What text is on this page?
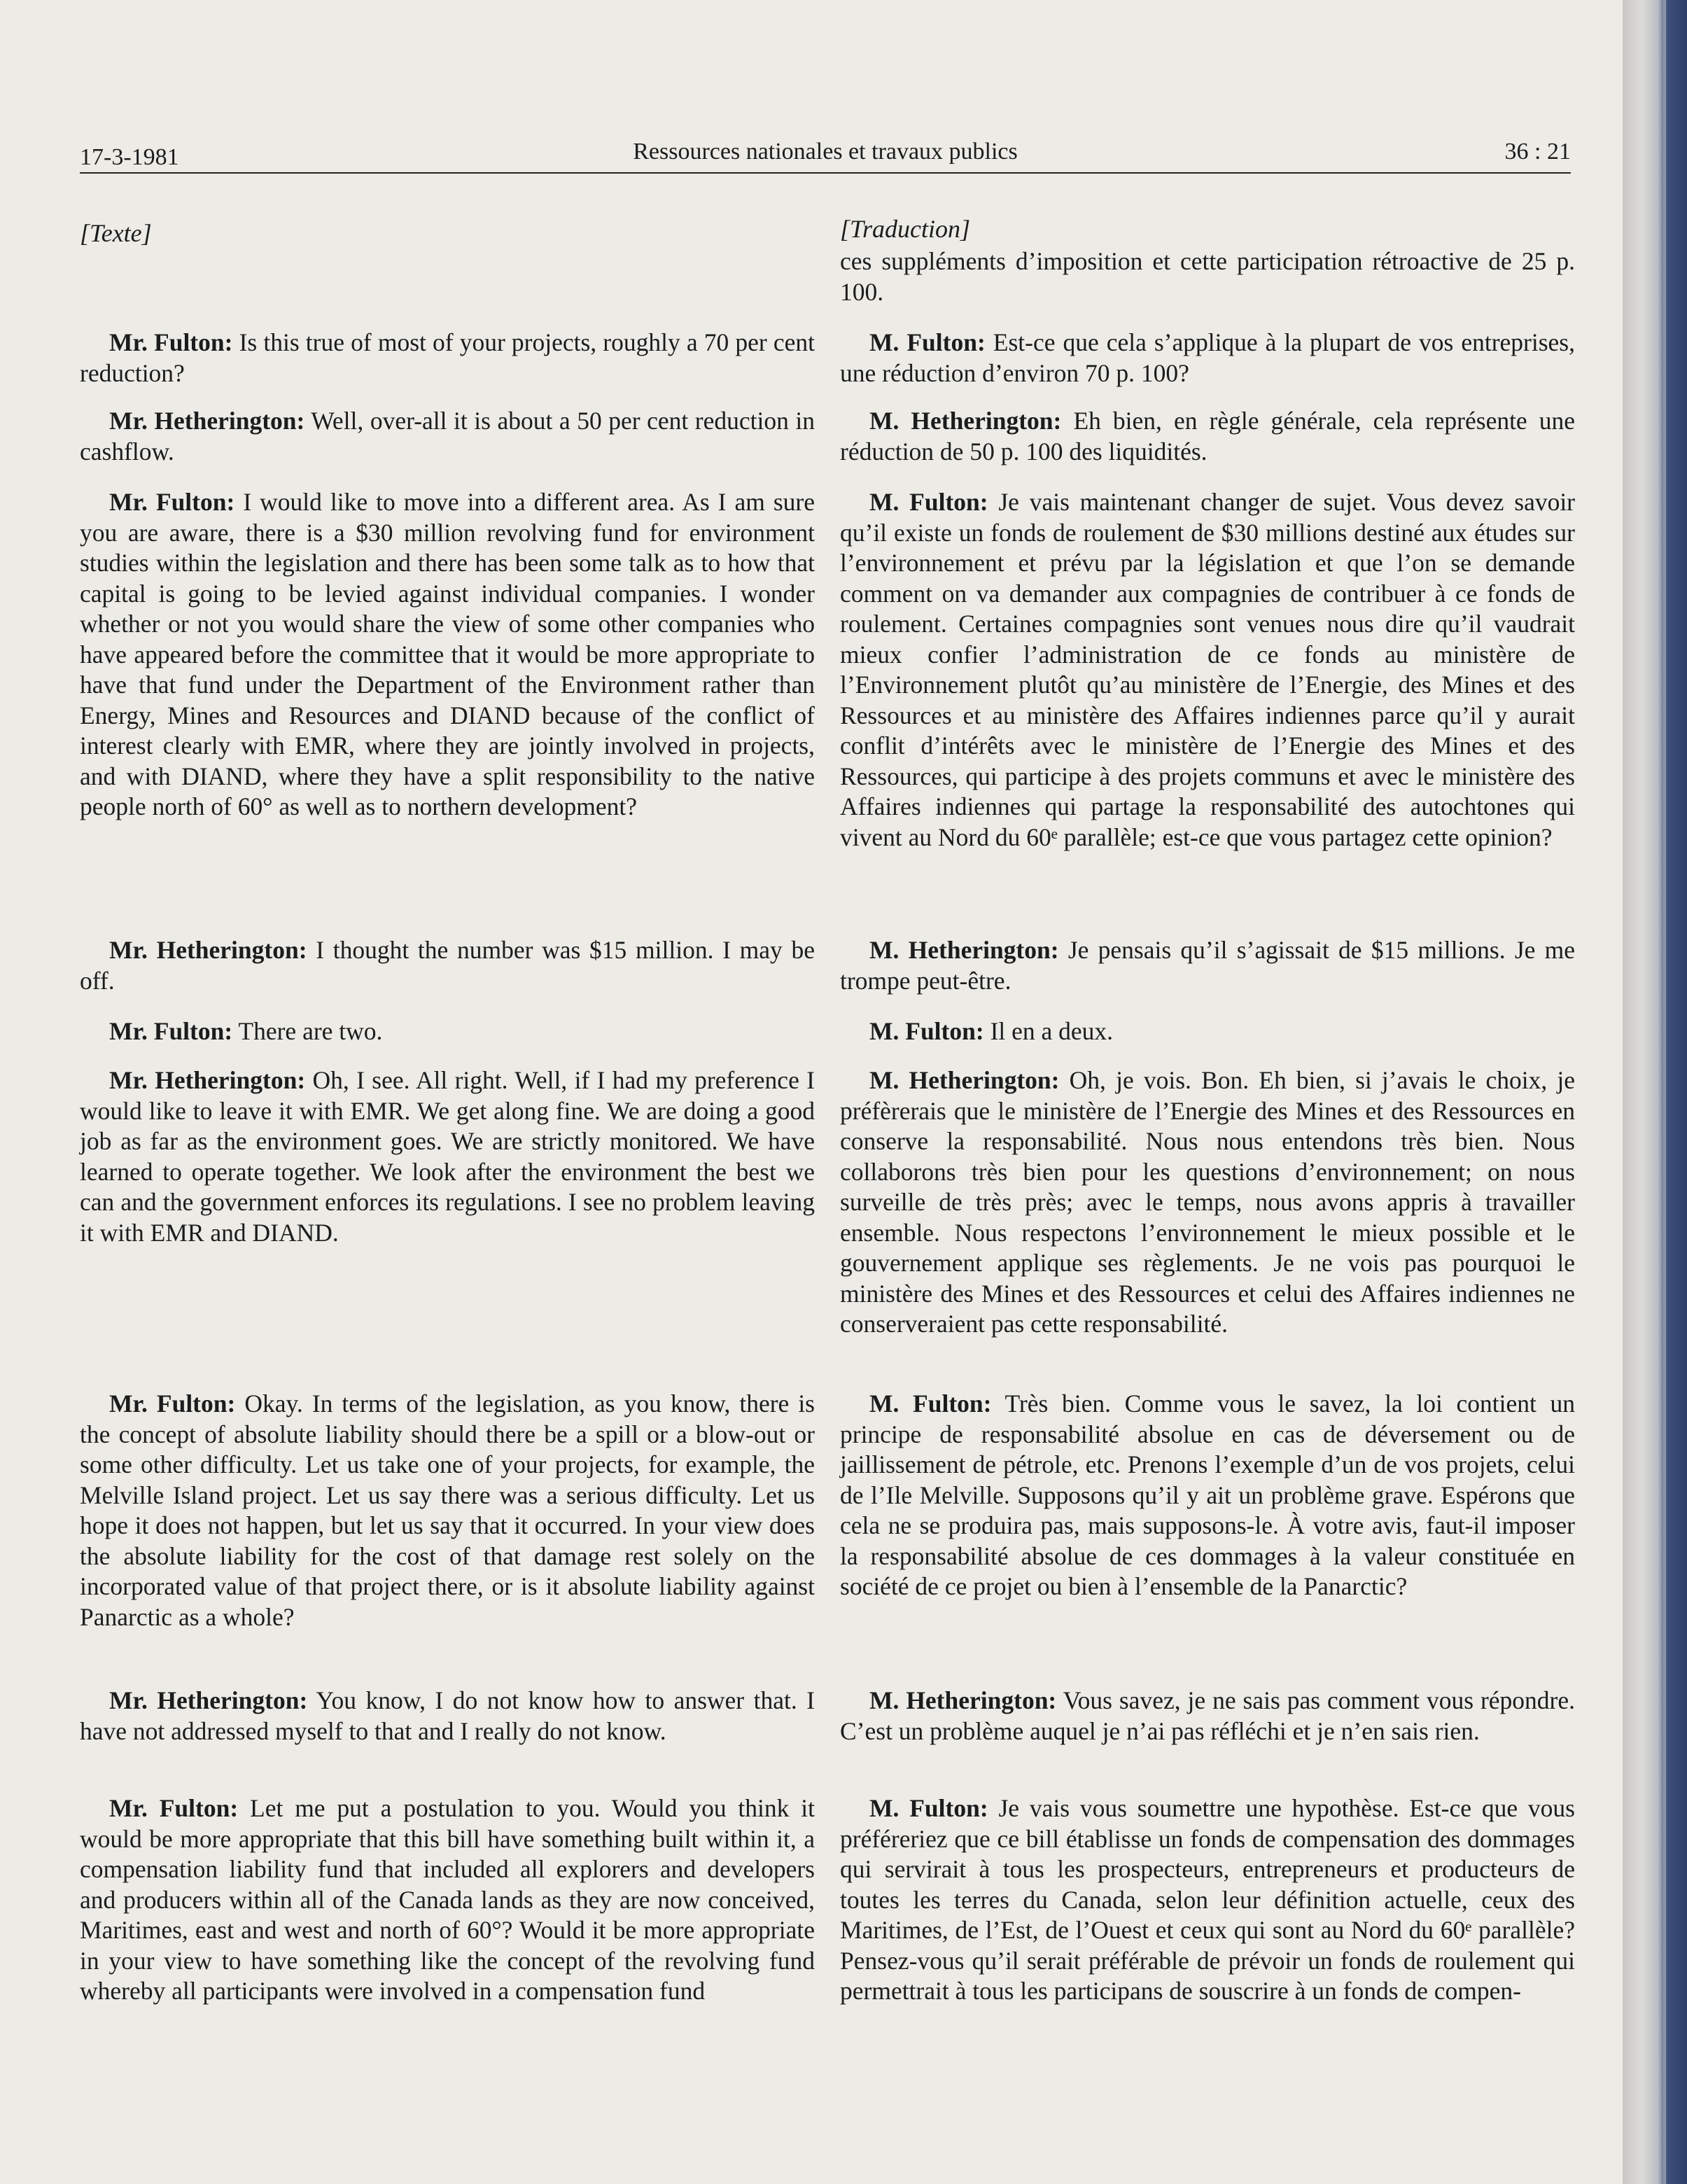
17-3-1981	Ressources nationales et travaux publics	36 : 21
[Texte]

Mr. Fulton: Is this true of most of your projects, roughly a 70 per cent reduction?

Mr. Hetherington: Well, over-all it is about a 50 per cent reduction in cashflow.

Mr. Fulton: I would like to move into a different area. As I am sure you are aware, there is a $30 million revolving fund for environment studies within the legislation and there has been some talk as to how that capital is going to be levied against individual companies. I wonder whether or not you would share the view of some other companies who have appeared before the committee that it would be more appropriate to have that fund under the Department of the Environment rather than Energy, Mines and Resources and DIAND because of the conflict of interest clearly with EMR, where they are jointly involved in projects, and with DIAND, where they have a split responsibility to the native people north of 60° as well as to northern development?

Mr. Hetherington: I thought the number was $15 million. I may be off.

Mr. Fulton: There are two.

Mr. Hetherington: Oh, I see. All right. Well, if I had my preference I would like to leave it with EMR. We get along fine. We are doing a good job as far as the environment goes. We are strictly monitored. We have learned to operate together. We look after the environment the best we can and the government enforces its regulations. I see no problem leaving it with EMR and DIAND.

Mr. Fulton: Okay. In terms of the legislation, as you know, there is the concept of absolute liability should there be a spill or a blow-out or some other difficulty. Let us take one of your projects, for example, the Melville Island project. Let us say there was a serious difficulty. Let us hope it does not happen, but let us say that it occurred. In your view does the absolute liability for the cost of that damage rest solely on the incorporated value of that project there, or is it absolute liability against Panarctic as a whole?

Mr. Hetherington: You know, I do not know how to answer that. I have not addressed myself to that and I really do not know.

Mr. Fulton: Let me put a postulation to you. Would you think it would be more appropriate that this bill have something built within it, a compensation liability fund that included all explorers and developers and producers within all of the Canada lands as they are now conceived, Maritimes, east and west and north of 60°? Would it be more appropriate in your view to have something like the concept of the revolving fund whereby all participants were involved in a compensation fund

[Traduction]

ces suppléments d’imposition et cette participation rétroactive de 25 p. 100.

M. Fulton: Est-ce que cela s’applique à la plupart de vos entreprises, une réduction d’environ 70 p. 100?

M. Hetherington: Eh bien, en règle générale, cela représente une réduction de 50 p. 100 des liquidités.

M. Fulton: Je vais maintenant changer de sujet. Vous devez savoir qu’il existe un fonds de roulement de $30 millions destiné aux études sur l’environnement et prévu par la législation et que l’on se demande comment on va demander aux compagnies de contribuer à ce fonds de roulement. Certaines compagnies sont venues nous dire qu’il vaudrait mieux confier l’administration de ce fonds au ministère de l’Environnement plutôt qu’au ministère de l’Energie, des Mines et des Ressources et au ministère des Affaires indiennes parce qu’il y aurait conflit d’intérêts avec le ministère de l’Energie des Mines et des Ressources, qui participe à des projets communs et avec le ministère des Affaires indiennes qui partage la responsabilité des autochtones qui vivent au Nord du 60ᵉ parallèle; est-ce que vous partagez cette opinion?

M. Hetherington: Je pensais qu’il s’agissait de $15 millions. Je me trompe peut-être.

M. Fulton: Il en a deux.

M. Hetherington: Oh, je vois. Bon. Eh bien, si j’avais le choix, je préfèrerais que le ministère de l’Energie des Mines et des Ressources en conserve la responsabilité. Nous nous entendons très bien. Nous collaborons très bien pour les questions d’environnement; on nous surveille de très près; avec le temps, nous avons appris à travailler ensemble. Nous respectons l’environnement le mieux possible et le gouvernement applique ses règlements. Je ne vois pas pourquoi le ministère des Mines et des Ressources et celui des Affaires indiennes ne conserveraient pas cette responsabilité.

M. Fulton: Très bien. Comme vous le savez, la loi contient un principe de responsabilité absolue en cas de déversement ou de jaillissement de pétrole, etc. Prenons l’exemple d’un de vos projets, celui de l’Ile Melville. Supposons qu’il y ait un problème grave. Espérons que cela ne se produira pas, mais supposons-le. À votre avis, faut-il imposer la responsabilité absolue de ces dommages à la valeur constituée en société de ce projet ou bien à l’ensemble de la Panarctic?

M. Hetherington: Vous savez, je ne sais pas comment vous répondre. C’est un problème auquel je n’ai pas réfléchi et je n’en sais rien.

M. Fulton: Je vais vous soumettre une hypothèse. Est-ce que vous préféreriez que ce bill établisse un fonds de compensation des dommages qui servirait à tous les prospecteurs, entrepreneurs et producteurs de toutes les terres du Canada, selon leur définition actuelle, ceux des Maritimes, de l’Est, de l’Ouest et ceux qui sont au Nord du 60ᵉ parallèle? Pensez-vous qu’il serait préférable de prévoir un fonds de roulement qui permettrait à tous les participans de souscrire à un fonds de compen-
